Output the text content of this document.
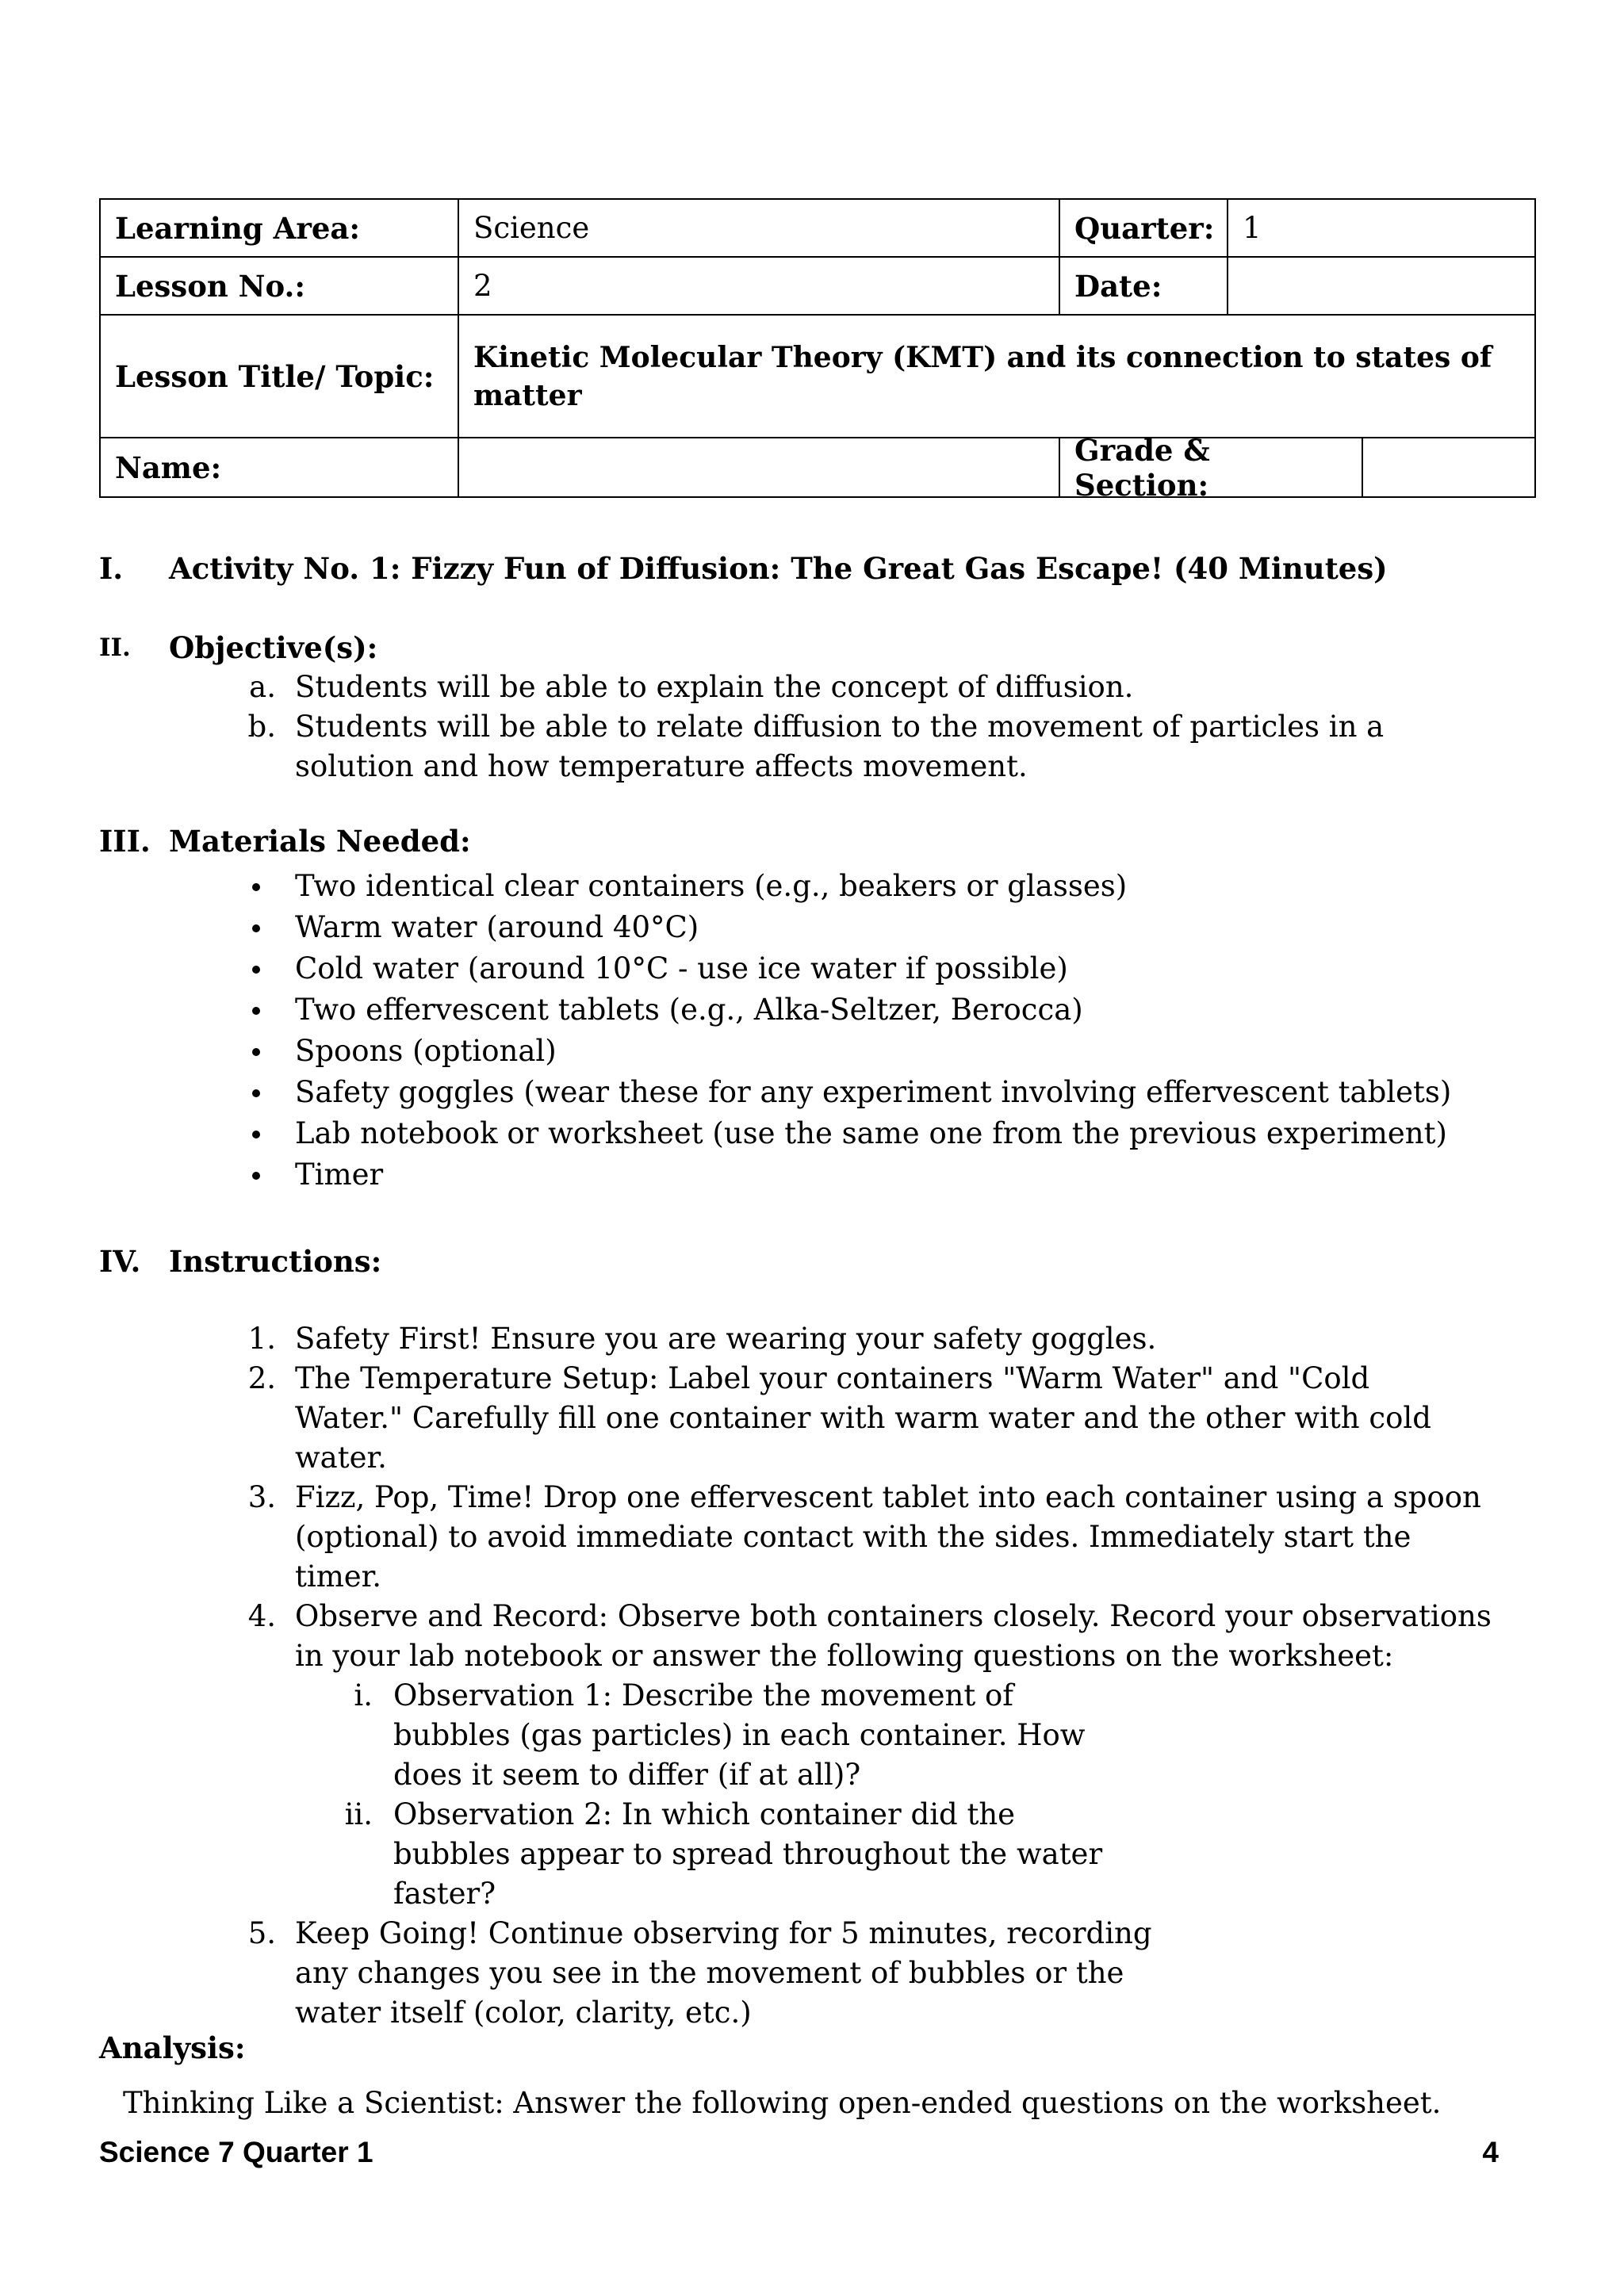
Learning Area:	Science	Quarter:	1
Lesson No.:	2	Date:	
Lesson Title/ Topic:	Kinetic Molecular Theory (KMT) and its connection to states of matter		
Name:		Grade & Section:	
I.	Activity No. 1: Fizzy Fun of Diffusion: The Great Gas Escape! (40 Minutes)
II.	Objective(s):
a. Students will be able to explain the concept of diffusion.
b. Students will be able to relate diffusion to the movement of particles in a solution and how temperature affects movement.
III. Materials Needed:
Two identical clear containers (e.g., beakers or glasses)
Warm water (around 40°C)
Cold water (around 10°C - use ice water if possible)
Two effervescent tablets (e.g., Alka-Seltzer, Berocca)
Spoons (optional)
Safety goggles (wear these for any experiment involving effervescent tablets)
Lab notebook or worksheet (use the same one from the previous experiment)
Timer
IV. Instructions:
1. Safety First! Ensure you are wearing your safety goggles.
2. The Temperature Setup: Label your containers "Warm Water" and "Cold Water." Carefully fill one container with warm water and the other with cold water.
3. Fizz, Pop, Time! Drop one effervescent tablet into each container using a spoon (optional) to avoid immediate contact with the sides. Immediately start the timer.
4. Observe and Record: Observe both containers closely. Record your observations in your lab notebook or answer the following questions on the worksheet:
i. Observation 1: Describe the movement of bubbles (gas particles) in each container. How does it seem to differ (if at all)?
ii. Observation 2: In which container did the bubbles appear to spread throughout the water faster?
5. Keep Going! Continue observing for 5 minutes, recording any changes you see in the movement of bubbles or the water itself (color, clarity, etc.)
Analysis:
Thinking Like a Scientist: Answer the following open-ended questions on the worksheet.
Science 7 Quarter 1	4
